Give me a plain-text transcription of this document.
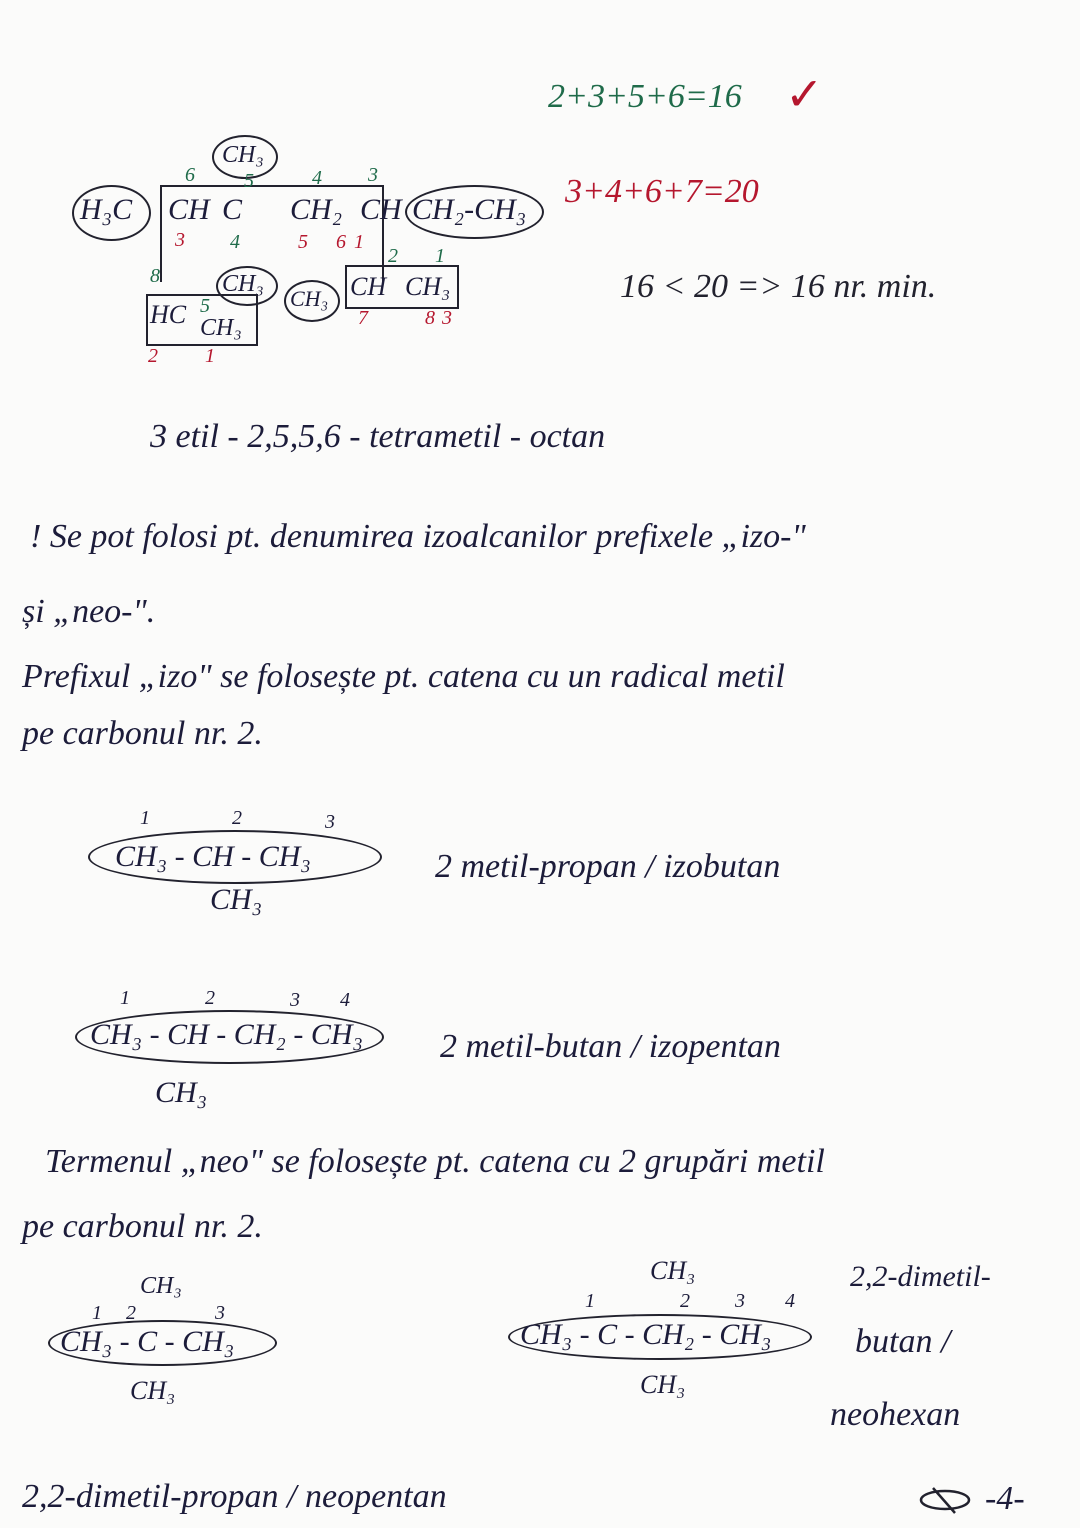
2+3+5+6=16 ✓
3+4+6+7=20
16 < 20 => 16 nr. min.
H₃C CH C CH₂ CH CH₂-CH₃
CH₃
CH₃
CH₃ CH CH₃
HC CH₃
6 5	4 3
4
2 1
8
5
3	5 6 1
7	8 3
2 1
3 etil - 2,5,5,6 - tetrametil - octan
! Se pot folosi pt. denumirea izoalcanilor prefixele „izo-"
și „neo-".
Prefixul „izo" se folosește pt. catena cu un radical metil
pe carbonul nr. 2.
1	2	3
CH₃ - CH - CH₃
CH₃
2 metil-propan / izobutan
1	2	3 4
CH₃ - CH - CH₂ - CH₃
CH₃
2 metil-butan / izopentan
Termenul „neo" se folosește pt. catena cu 2 grupări metil
pe carbonul nr. 2.
CH₃
1 2	3
CH₃ - C - CH₃
CH₃
2,2-dimetil-propan / neopentan
CH₃
1	2 3 4
CH₃ - C - CH₂ - CH₃
CH₃
2,2-dimetil-
butan /
neohexan
-4-
